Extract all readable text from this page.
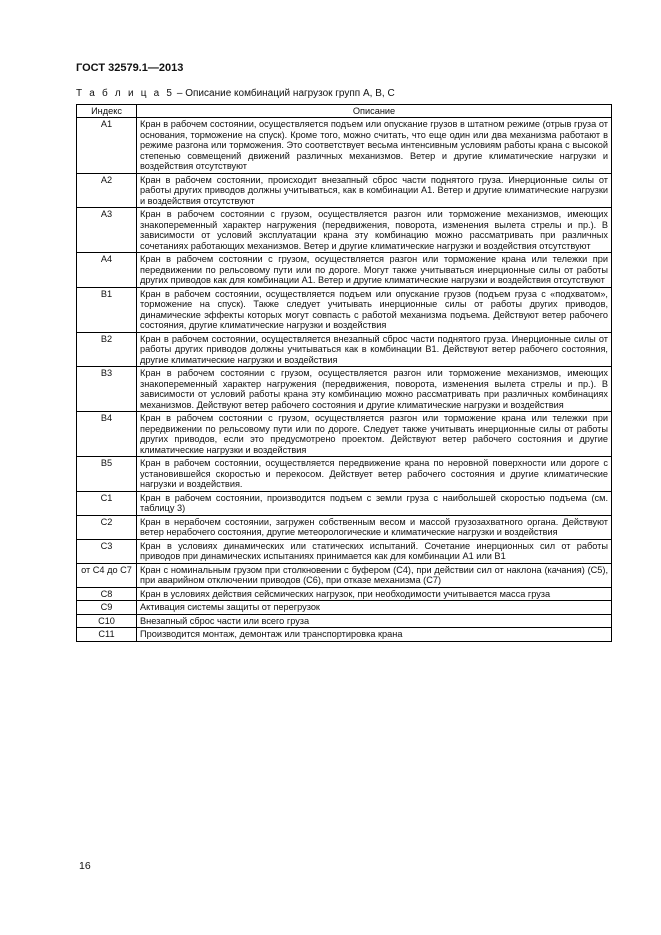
ГОСТ 32579.1—2013
Т а б л и ц а 5 – Описание комбинаций нагрузок групп А, В, С
Индекс	Описание
А1	Кран в рабочем состоянии, осуществляется подъем или опускание грузов в штатном режиме (отрыв груза от основания, торможение на спуск). Кроме того, можно считать, что еще один или два механизма работают в режиме разгона или торможения. Это соответствует весьма интенсивным условиям работы крана с высокой степенью совмещений движений различных механизмов. Ветер и другие климатические нагрузки и воздействия отсутствуют
А2	Кран в рабочем состоянии, происходит внезапный сброс части поднятого груза. Инерционные силы от работы других приводов должны учитываться, как в комбинации А1. Ветер и другие климатические нагрузки и воздействия отсутствуют
А3	Кран в рабочем состоянии с грузом, осуществляется разгон или торможение механизмов, имеющих знакопеременный характер нагружения (передвижения, поворота, изменения вылета стрелы и пр.). В зависимости от условий эксплуатации крана эту комбинацию можно рассматривать при различных сочетаниях работающих механизмов. Ветер и другие климатические нагрузки и воздействия отсутствуют
А4	Кран в рабочем состоянии с грузом, осуществляется разгон или торможение крана или тележки при передвижении по рельсовому пути или по дороге. Могут также учитываться инерционные силы от работы других приводов как для комбинации А1. Ветер и другие климатические нагрузки и воздействия отсутствуют
В1	Кран в рабочем состоянии, осуществляется подъем или опускание грузов (подъем груза с «подхватом», торможение на спуск). Также следует учитывать инерционные силы от работы других приводов, динамические эффекты которых могут совпасть с работой механизма подъема. Действуют ветер рабочего состояния, другие климатические нагрузки и воздействия
В2	Кран в рабочем состоянии, осуществляется внезапный сброс части поднятого груза. Инерционные силы от работы других приводов должны учитываться как в комбинации В1. Действуют ветер рабочего состояния, другие климатические нагрузки и воздействия
В3	Кран в рабочем состоянии с грузом, осуществляется разгон или торможение механизмов, имеющих знакопеременный характер нагружения (передвижения, поворота, изменения вылета стрелы и пр.). В зависимости от условий работы крана эту комбинацию можно рассматривать при различных комбинациях механизмов. Действуют ветер рабочего состояния и другие климатические нагрузки и воздействия
В4	Кран в рабочем состоянии с грузом, осуществляется разгон или торможение крана или тележки при передвижении по рельсовому пути или по дороге. Следует также учитывать инерционные силы от работы других приводов, если это предусмотрено проектом. Действуют ветер рабочего состояния и другие климатические нагрузки и воздействия
В5	Кран в рабочем состоянии, осуществляется передвижение крана по неровной поверхности или дороге с установившейся скоростью и перекосом. Действует ветер рабочего состояния и другие климатические нагрузки и воздействия.
С1	Кран в рабочем состоянии, производится подъем с земли груза с наибольшей скоростью подъема (см. таблицу 3)
С2	Кран в нерабочем состоянии, загружен собственным весом и массой грузозахватного органа. Действуют ветер нерабочего состояния, другие метеорологические и климатические нагрузки и воздействия
С3	Кран в условиях динамических или статических испытаний. Сочетание инерционных сил от работы приводов при динамических испытаниях принимается как для комбинации А1 или В1
от С4 до С7	Кран с номинальным грузом при столкновении с буфером (С4), при действии сил от наклона (качания) (С5), при аварийном отключении приводов (С6), при отказе механизма (С7)
С8	Кран в условиях действия сейсмических нагрузок, при необходимости учитывается масса груза
С9	Активация системы защиты от перегрузок
С10	Внезапный сброс части или всего груза
С11	Производится монтаж, демонтаж или транспортировка крана
16
